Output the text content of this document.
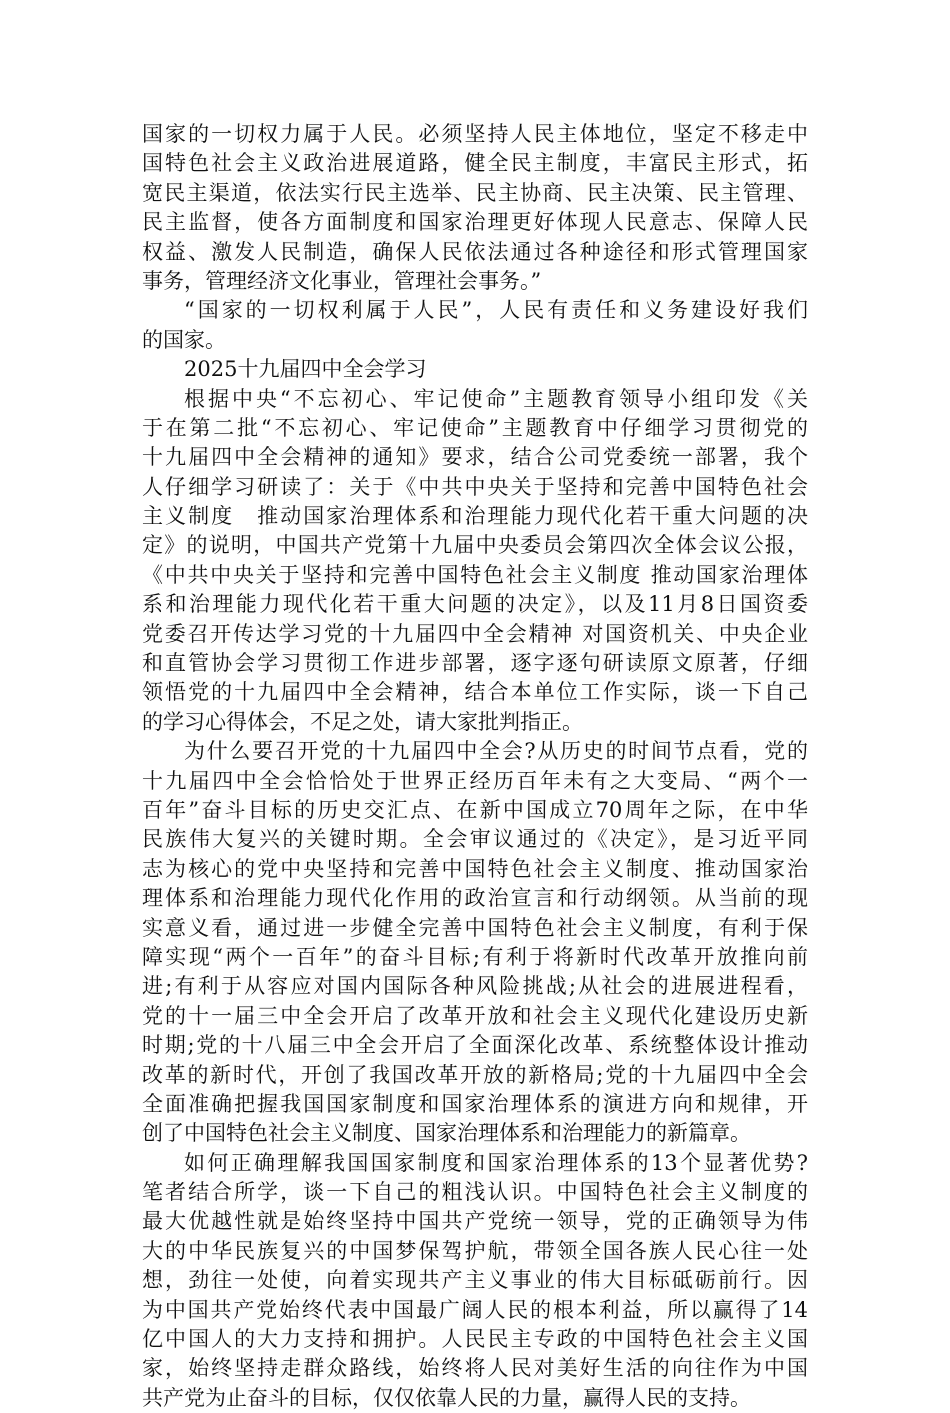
国家的一切权力属于人民。必须坚持人民主体地位，坚定不移走中
国特色社会主义政治进展道路，健全民主制度，丰富民主形式，拓
宽民主渠道，依法实行民主选举、民主协商、民主决策、民主管理、
民主监督，使各方面制度和国家治理更好体现人民意志、保障人民
权益、激发人民制造，确保人民依法通过各种途径和形式管理国家
事务，管理经济文化事业，管理社会事务。”
“国家的一切权利属于人民”，人民有责任和义务建设好我们
的国家。
2025十九届四中全会学习
根据中央“不忘初心、牢记使命”主题教育领导小组印发《关
于在第二批“不忘初心、牢记使命”主题教育中仔细学习贯彻党的
十九届四中全会精神的通知》要求，结合公司党委统一部署，我个
人仔细学习研读了：关于《中共中央关于坚持和完善中国特色社会
主义制度　推动国家治理体系和治理能力现代化若干重大问题的决
定》的说明，中国共产党第十九届中央委员会第四次全体会议公报，
《中共中央关于坚持和完善中国特色社会主义制度 推动国家治理体
系和治理能力现代化若干重大问题的决定》，以及11月8日国资委
党委召开传达学习党的十九届四中全会精神 对国资机关、中央企业
和直管协会学习贯彻工作进步部署，逐字逐句研读原文原著，仔细
领悟党的十九届四中全会精神，结合本单位工作实际，谈一下自己
的学习心得体会，不足之处，请大家批判指正。
为什么要召开党的十九届四中全会?从历史的时间节点看，党的
十九届四中全会恰恰处于世界正经历百年未有之大变局、“两个一
百年”奋斗目标的历史交汇点、在新中国成立70周年之际，在中华
民族伟大复兴的关键时期。全会审议通过的《决定》，是习近平同
志为核心的党中央坚持和完善中国特色社会主义制度、推动国家治
理体系和治理能力现代化作用的政治宣言和行动纲领。从当前的现
实意义看，通过进一步健全完善中国特色社会主义制度，有利于保
障实现“两个一百年”的奋斗目标;有利于将新时代改革开放推向前
进;有利于从容应对国内国际各种风险挑战;从社会的进展进程看，
党的十一届三中全会开启了改革开放和社会主义现代化建设历史新
时期;党的十八届三中全会开启了全面深化改革、系统整体设计推动
改革的新时代，开创了我国改革开放的新格局;党的十九届四中全会
全面准确把握我国国家制度和国家治理体系的演进方向和规律，开
创了中国特色社会主义制度、国家治理体系和治理能力的新篇章。
如何正确理解我国国家制度和国家治理体系的13个显著优势?
笔者结合所学，谈一下自己的粗浅认识。中国特色社会主义制度的
最大优越性就是始终坚持中国共产党统一领导，党的正确领导为伟
大的中华民族复兴的中国梦保驾护航，带领全国各族人民心往一处
想，劲往一处使，向着实现共产主义事业的伟大目标砥砺前行。因
为中国共产党始终代表中国最广阔人民的根本利益，所以赢得了14
亿中国人的大力支持和拥护。人民民主专政的中国特色社会主义国
家，始终坚持走群众路线，始终将人民对美好生活的向往作为中国
共产党为止奋斗的目标，仅仅依靠人民的力量，赢得人民的支持。
